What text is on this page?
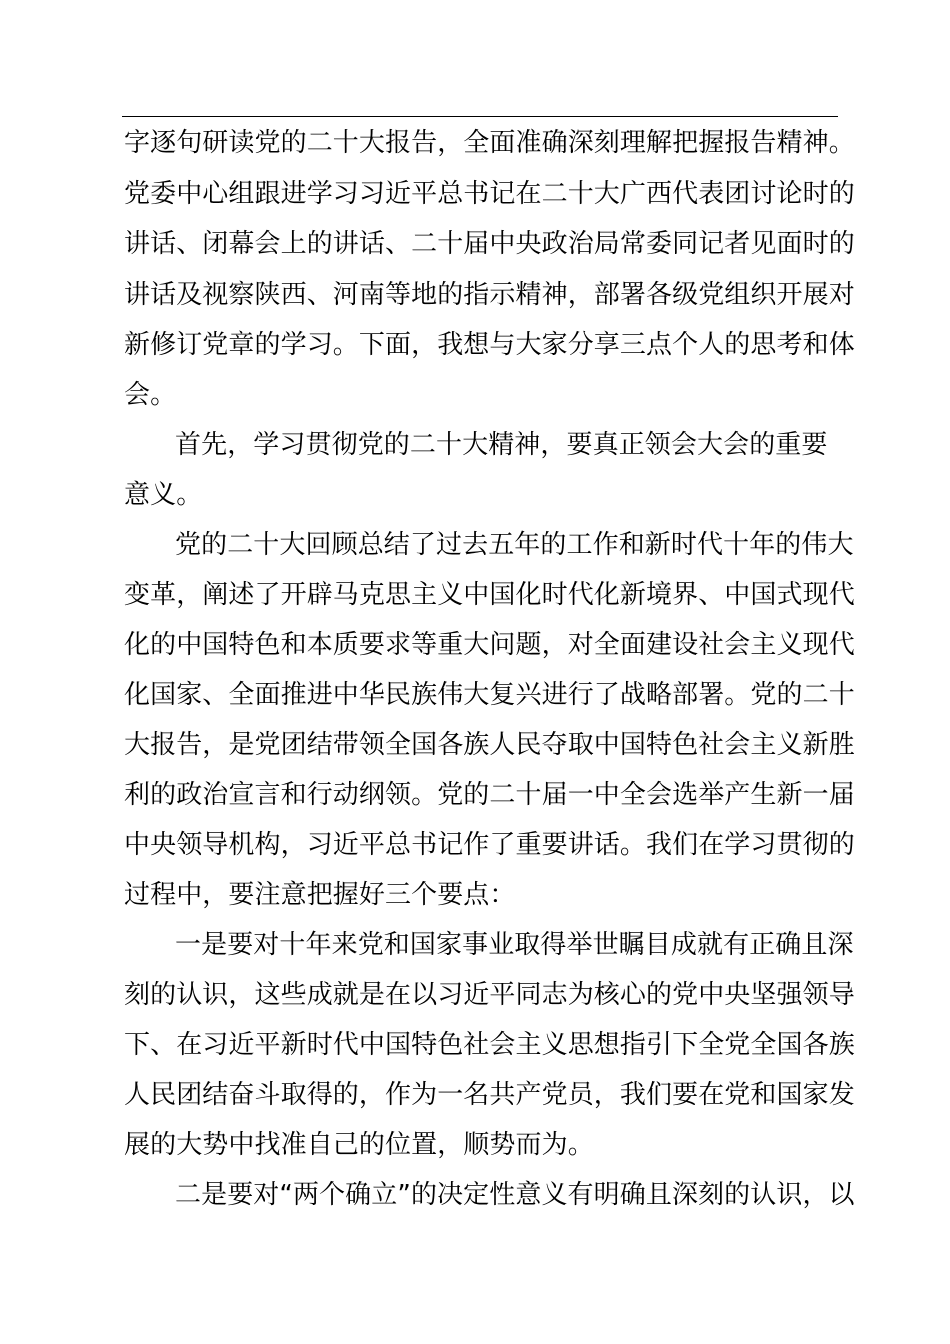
字逐句研读党的二十大报告，全面准确深刻理解把握报告精神。
党委中心组跟进学习习近平总书记在二十大广西代表团讨论时的
讲话、闭幕会上的讲话、二十届中央政治局常委同记者见面时的
讲话及视察陕西、河南等地的指示精神，部署各级党组织开展对
新修订党章的学习。下面，我想与大家分享三点个人的思考和体
会。
首先，学习贯彻党的二十大精神，要真正领会大会的重要
意义。
党的二十大回顾总结了过去五年的工作和新时代十年的伟大
变革，阐述了开辟马克思主义中国化时代化新境界、中国式现代
化的中国特色和本质要求等重大问题，对全面建设社会主义现代
化国家、全面推进中华民族伟大复兴进行了战略部署。党的二十
大报告，是党团结带领全国各族人民夺取中国特色社会主义新胜
利的政治宣言和行动纲领。党的二十届一中全会选举产生新一届
中央领导机构，习近平总书记作了重要讲话。我们在学习贯彻的
过程中，要注意把握好三个要点：
一是要对十年来党和国家事业取得举世瞩目成就有正确且深
刻的认识，这些成就是在以习近平同志为核心的党中央坚强领导
下、在习近平新时代中国特色社会主义思想指引下全党全国各族
人民团结奋斗取得的，作为一名共产党员，我们要在党和国家发
展的大势中找准自己的位置，顺势而为。
二是要对“两个确立”的决定性意义有明确且深刻的认识，以
